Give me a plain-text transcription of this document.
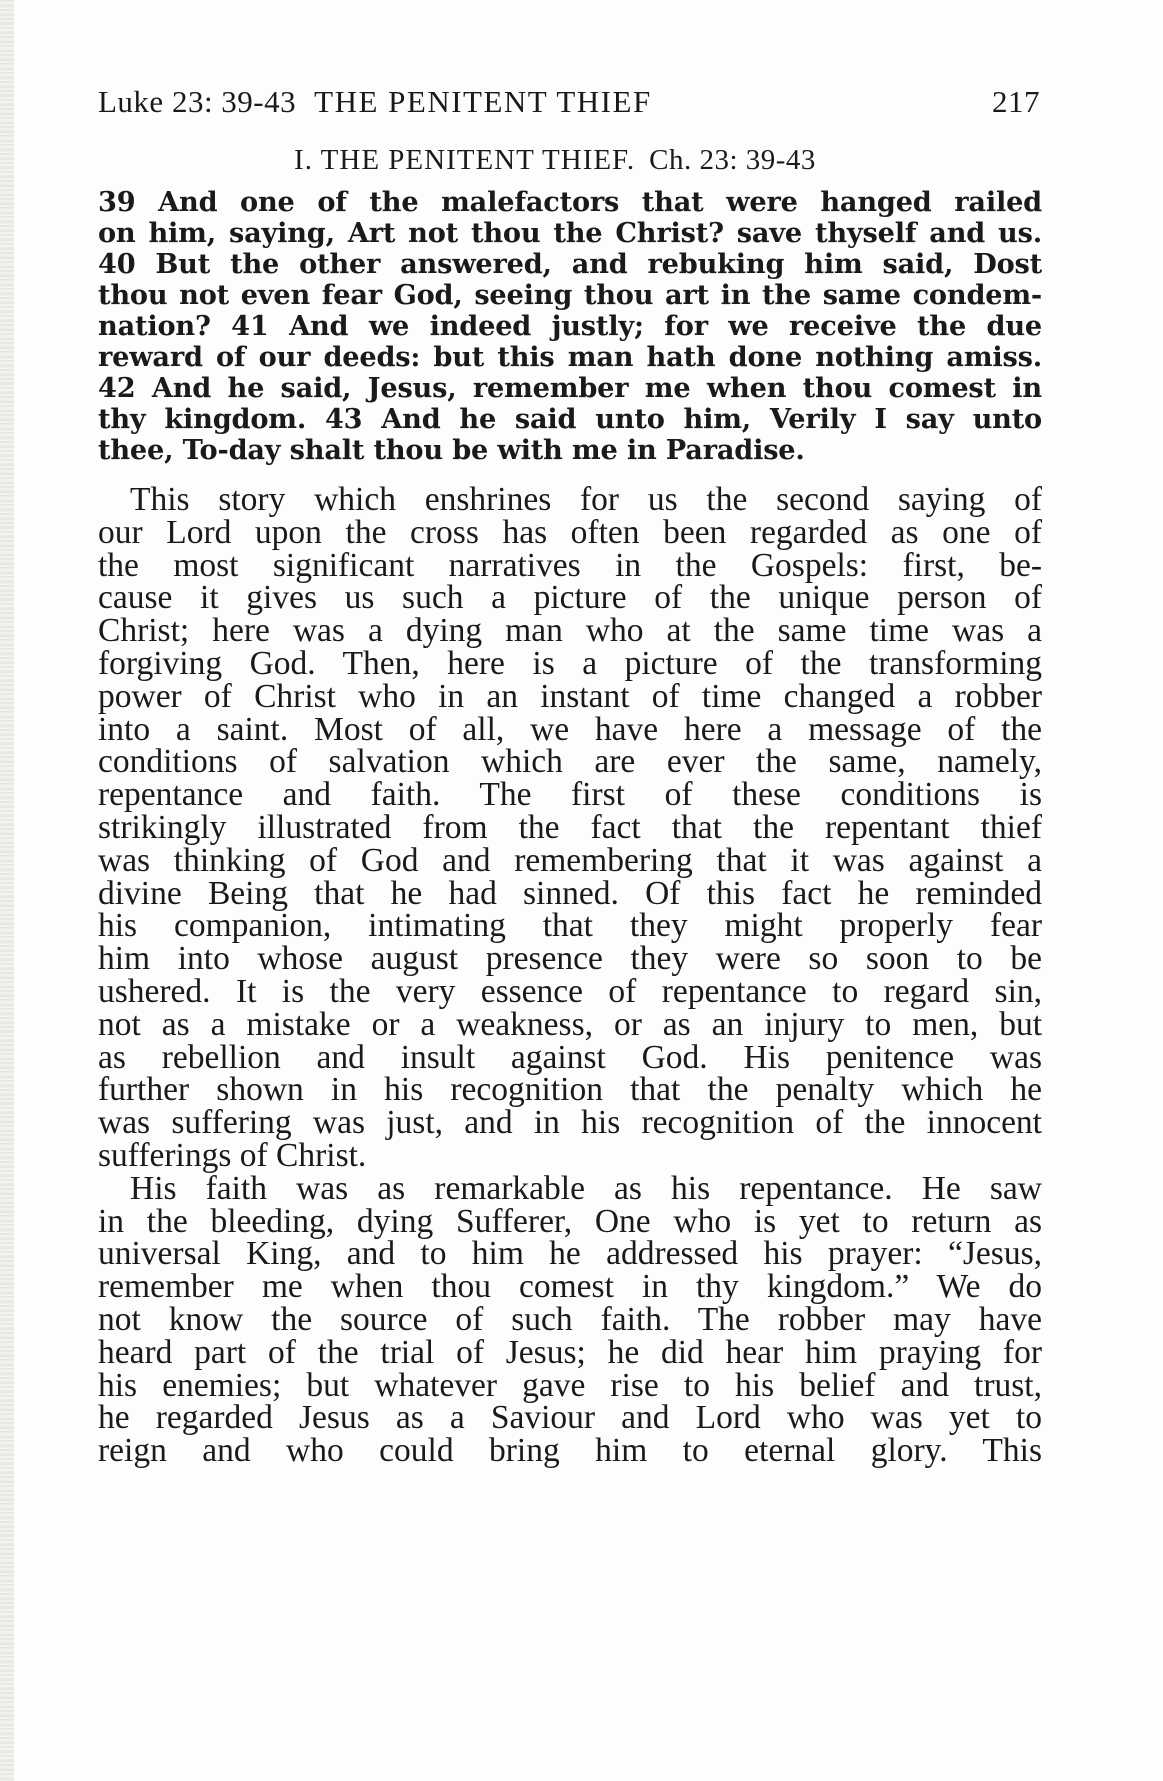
Luke 23: 39-43 THE PENITENT THIEF	217
I. THE PENITENT THIEF. Ch. 23: 39-43
39 And one of the malefactors that were hanged railed
on him, saying, Art not thou the Christ? save thyself and us.
40 But the other answered, and rebuking him said, Dost
thou not even fear God, seeing thou art in the same condem-
nation? 41 And we indeed justly; for we receive the due
reward of our deeds: but this man hath done nothing amiss.
42 And he said, Jesus, remember me when thou comest in
thy kingdom. 43 And he said unto him, Verily I say unto
thee, To-day shalt thou be with me in Paradise.
This story which enshrines for us the second saying of
our Lord upon the cross has often been regarded as one of
the most significant narratives in the Gospels: first, be-
cause it gives us such a picture of the unique person of
Christ; here was a dying man who at the same time was a
forgiving God. Then, here is a picture of the transforming
power of Christ who in an instant of time changed a robber
into a saint. Most of all, we have here a message of the
conditions of salvation which are ever the same, namely,
repentance and faith. The first of these conditions is
strikingly illustrated from the fact that the repentant thief
was thinking of God and remembering that it was against a
divine Being that he had sinned. Of this fact he reminded
his companion, intimating that they might properly fear
him into whose august presence they were so soon to be
ushered. It is the very essence of repentance to regard sin,
not as a mistake or a weakness, or as an injury to men, but
as rebellion and insult against God. His penitence was
further shown in his recognition that the penalty which he
was suffering was just, and in his recognition of the innocent
sufferings of Christ.
His faith was as remarkable as his repentance. He saw
in the bleeding, dying Sufferer, One who is yet to return as
universal King, and to him he addressed his prayer: “Jesus,
remember me when thou comest in thy kingdom.” We do
not know the source of such faith. The robber may have
heard part of the trial of Jesus; he did hear him praying for
his enemies; but whatever gave rise to his belief and trust,
he regarded Jesus as a Saviour and Lord who was yet to
reign and who could bring him to eternal glory. This
